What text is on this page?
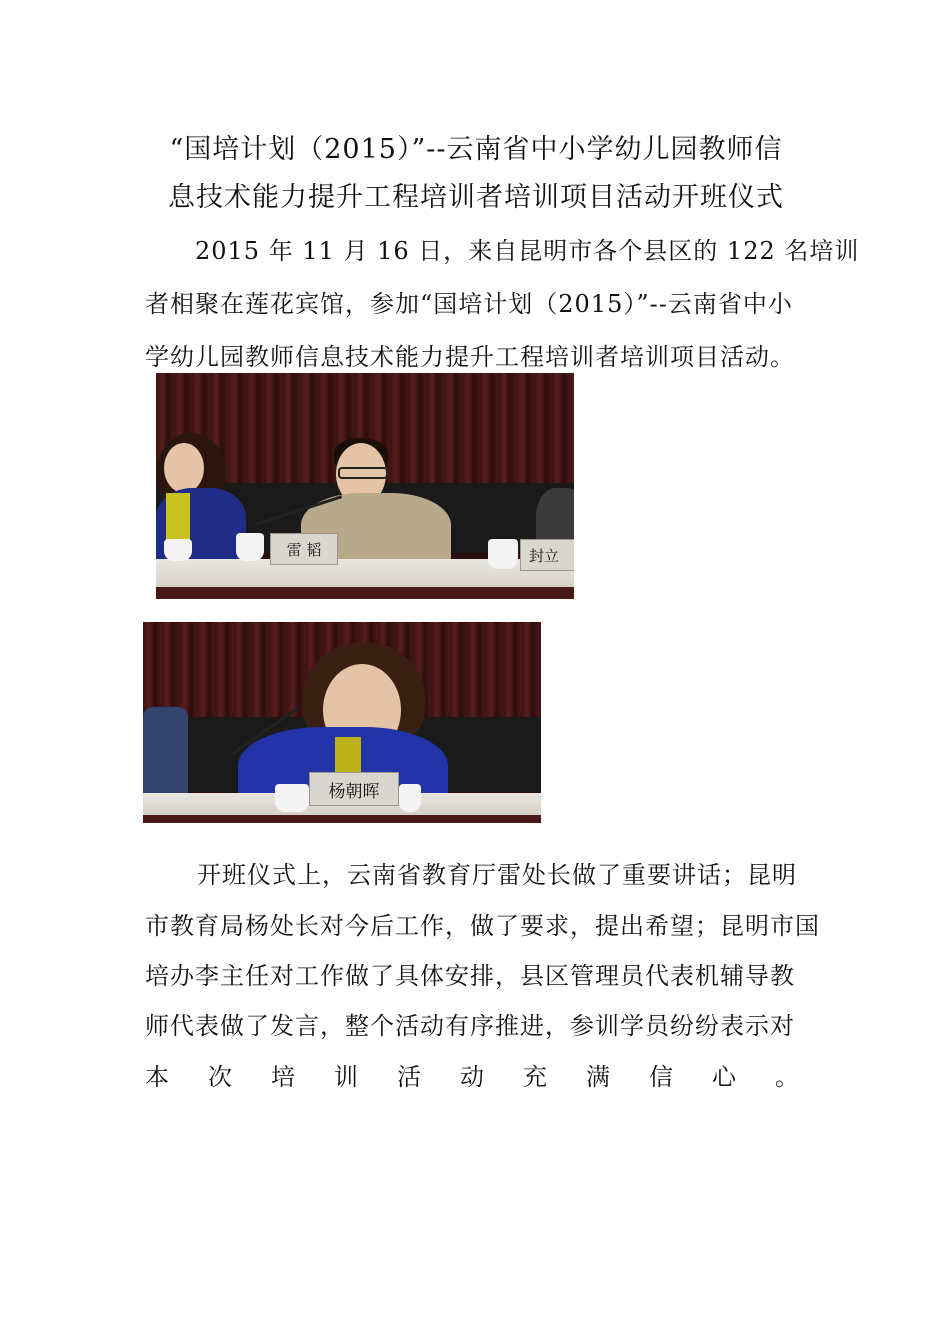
“国培计划（2015）”--云南省中小学幼儿园教师信
息技术能力提升工程培训者培训项目活动开班仪式
2015 年 11 月 16 日，来自昆明市各个县区的 122 名培训
者相聚在莲花宾馆，参加“国培计划（2015）”--云南省中小
学幼儿园教师信息技术能力提升工程培训者培训项目活动。
雷 韬	封立
杨朝晖
开班仪式上，云南省教育厅雷处长做了重要讲话；昆明
市教育局杨处长对今后工作，做了要求，提出希望；昆明市国
培办李主任对工作做了具体安排，县区管理员代表机辅导教
师代表做了发言，整个活动有序推进，参训学员纷纷表示对
本 次 培 训 活 动 充 满 信 心 。
